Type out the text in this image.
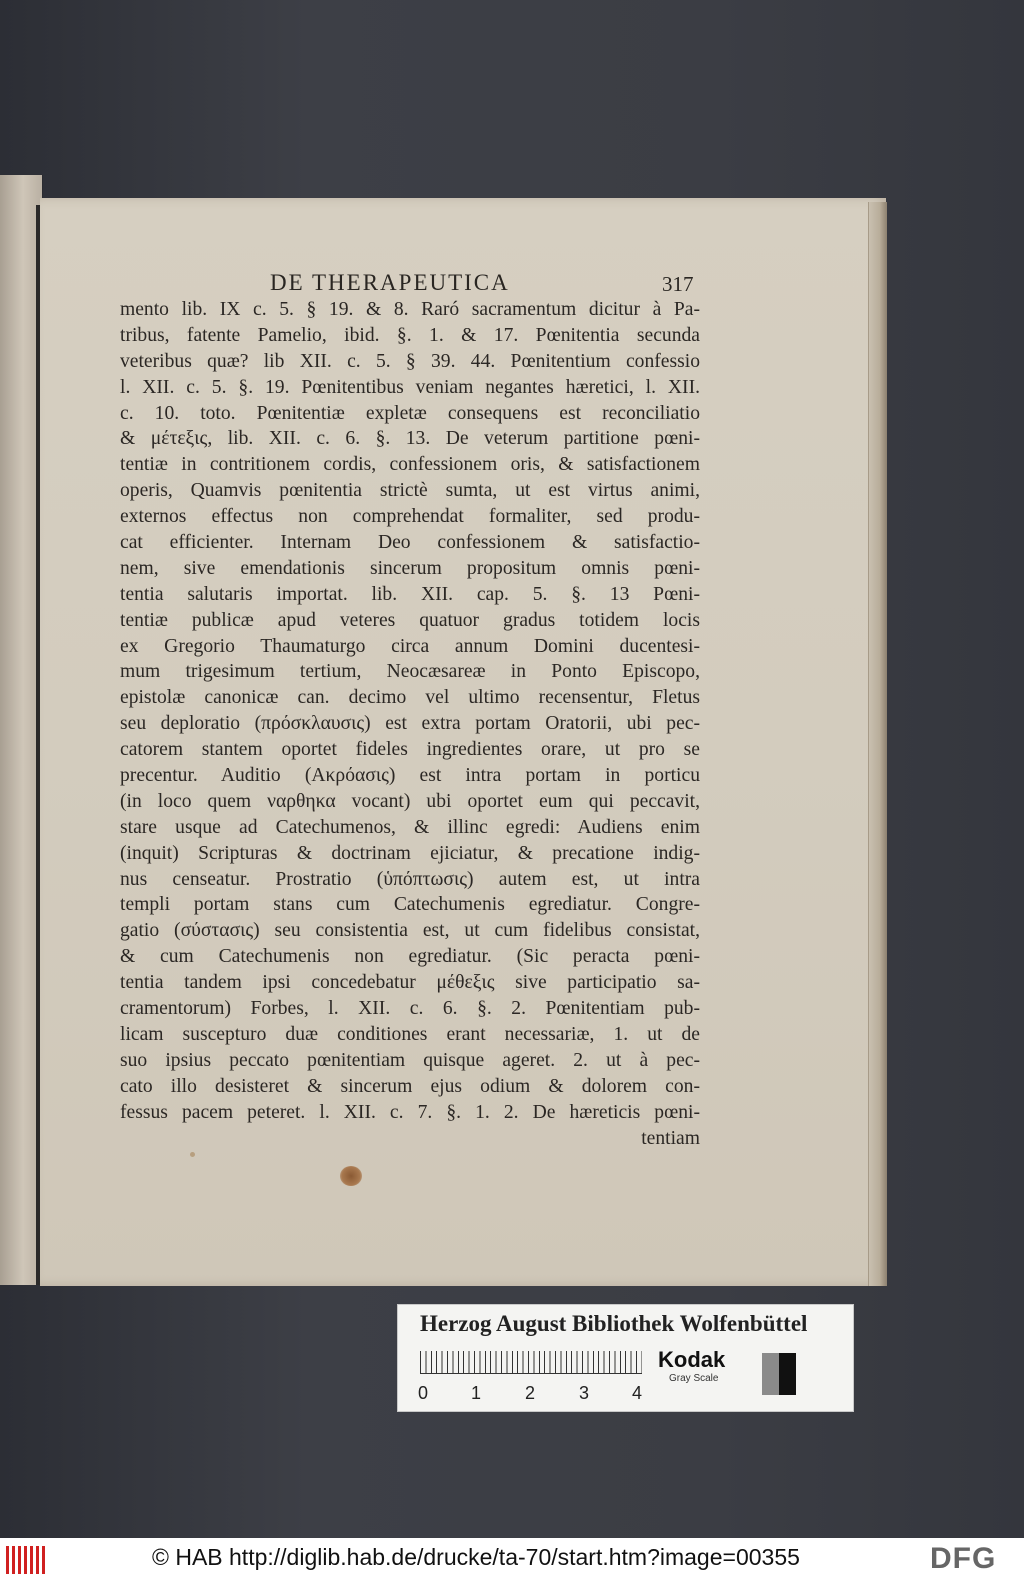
DE THERAPEUTICA	317
mento lib. IX c. 5. § 19. & 8. Raró sacramentum dicitur à Pa-
tribus, fatente Pamelio, ibid. §. 1. & 17. Pœnitentia secunda
veteribus quæ? lib XII. c. 5. § 39. 44. Pœnitentium confessio
l. XII. c. 5. §. 19. Pœnitentibus veniam negantes hæretici, l. XII.
c. 10. toto. Pœnitentiæ expletæ consequens est reconciliatio
& μέτεξις, lib. XII. c. 6. §. 13. De veterum partitione pœni-
tentiæ in contritionem cordis, confessionem oris, & satisfactionem
operis, Quamvis pœnitentia strictè sumta, ut est virtus animi,
externos effectus non comprehendat formaliter, sed produ-
cat efficienter. Internam Deo confessionem & satisfactio-
nem, sive emendationis sincerum propositum omnis pœni-
tentia salutaris importat. lib. XII. cap. 5. §. 13 Pœni-
tentiæ publicæ apud veteres quatuor gradus totidem locis
ex Gregorio Thaumaturgo circa annum Domini ducentesi-
mum trigesimum tertium, Neocæsareæ in Ponto Episcopo,
epistolæ canonicæ can. decimo vel ultimo recensentur, Fletus
seu deploratio (πρόσκλαυσις) est extra portam Oratorii, ubi pec-
catorem stantem oportet fideles ingredientes orare, ut pro se
precentur. Auditio (Ακρόασις) est intra portam in porticu
(in loco quem ναρθηκα vocant) ubi oportet eum qui peccavit,
stare usque ad Catechumenos, & illinc egredi: Audiens enim
(inquit) Scripturas & doctrinam ejiciatur, & precatione indig-
nus censeatur. Prostratio (ὑπόπτωσις) autem est, ut intra
templi portam stans cum Catechumenis egrediatur. Congre-
gatio (σύστασις) seu consistentia est, ut cum fidelibus consistat,
& cum Catechumenis non egrediatur. (Sic peracta pœni-
tentia tandem ipsi concedebatur μέθεξις sive participatio sa-
cramentorum) Forbes, l. XII. c. 6. §. 2. Pœnitentiam pub-
licam suscepturo duæ conditiones erant necessariæ, 1. ut de
suo ipsius peccato pœnitentiam quisque ageret. 2. ut à pec-
cato illo desisteret & sincerum ejus odium & dolorem con-
fessus pacem peteret. l. XII. c. 7. §. 1. 2. De hæreticis pœni-
tentiam
Herzog August Bibliothek Wolfenbüttel
0 1 2 3 4
Kodak
Gray Scale
© HAB http://diglib.hab.de/drucke/ta-70/start.htm?image=00355	DFG
